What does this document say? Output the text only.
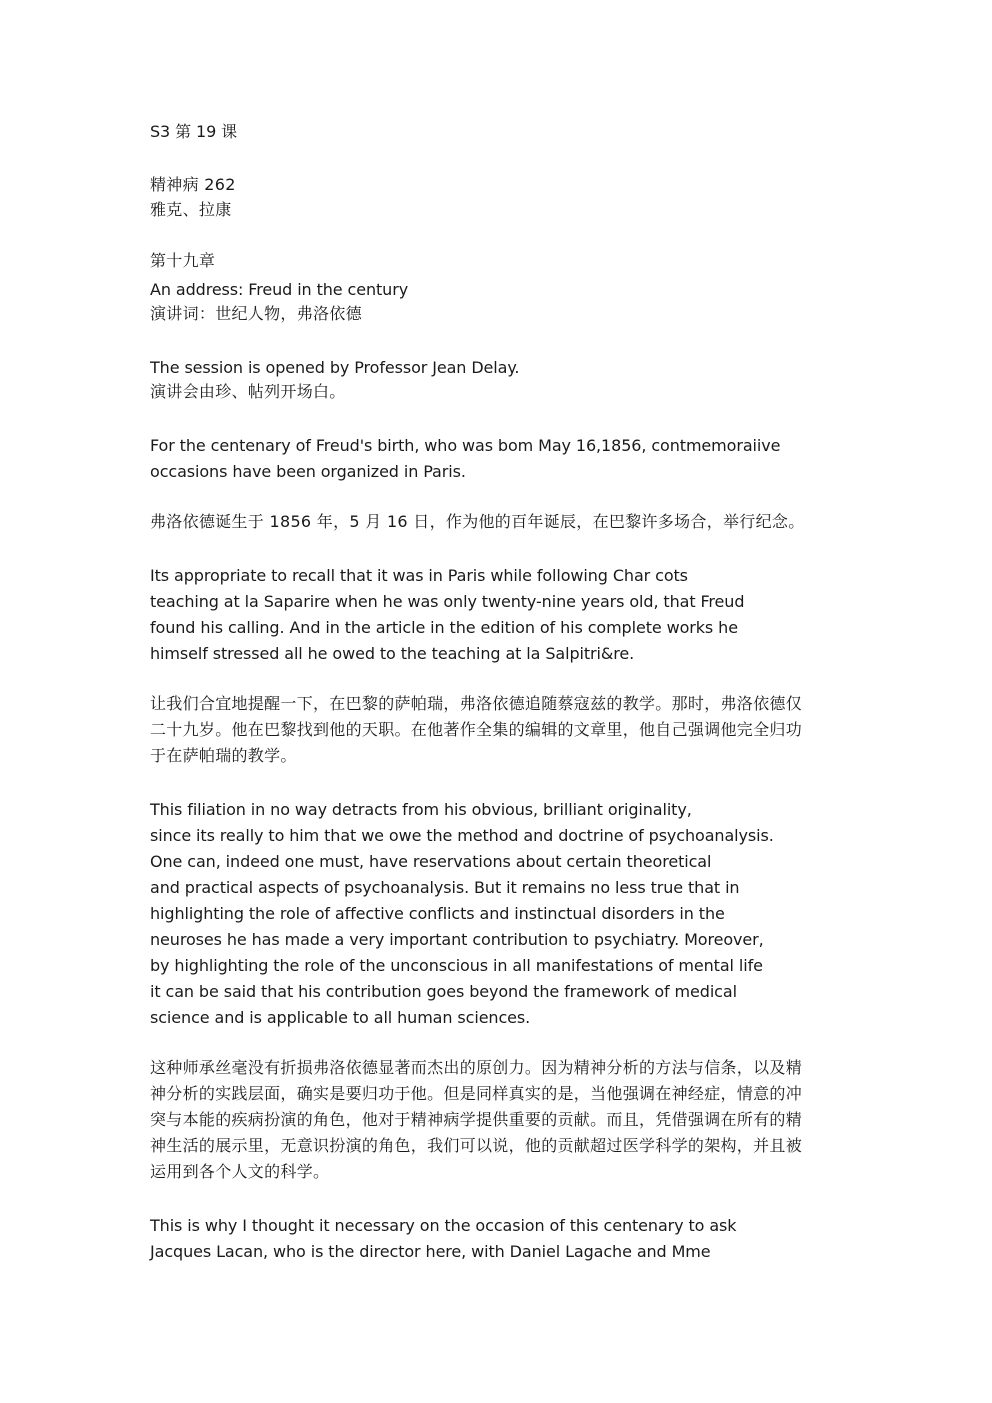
S3 第 19 课
精神病 262
雅克、拉康
第十九章
An address: Freud in the century
演讲词：世纪人物，弗洛依德
The session is opened by Professor Jean Delay.
演讲会由珍、帖列开场白。
For the centenary of Freud's birth, who was bom May 16,1856, contmemoraiive
occasions have been organized in Paris.
弗洛依德诞生于 1856 年，5 月 16 日，作为他的百年诞辰，在巴黎许多场合，举行纪念。
Its appropriate to recall that it was in Paris while following Char cots
teaching at la Saparire when he was only twenty-nine years old, that Freud
found his calling. And in the article in the edition of his complete works he
himself stressed all he owed to the teaching at la Salpitri&re.
让我们合宜地提醒一下，在巴黎的萨帕瑞，弗洛依德追随蔡寇兹的教学。那时，弗洛依德仅
二十九岁。他在巴黎找到他的天职。在他著作全集的编辑的文章里，他自己强调他完全归功
于在萨帕瑞的教学。
This filiation in no way detracts from his obvious, brilliant originality,
since its really to him that we owe the method and doctrine of psychoanalysis.
One can, indeed one must, have reservations about certain theoretical
and practical aspects of psychoanalysis. But it remains no less true that in
highlighting the role of affective conflicts and instinctual disorders in the
neuroses he has made a very important contribution to psychiatry. Moreover,
by highlighting the role of the unconscious in all manifestations of mental life
it can be said that his contribution goes beyond the framework of medical
science and is applicable to all human sciences.
这种师承丝毫没有折损弗洛依德显著而杰出的原创力。因为精神分析的方法与信条，以及精
神分析的实践层面，确实是要归功于他。但是同样真实的是，当他强调在神经症，情意的冲
突与本能的疾病扮演的角色，他对于精神病学提供重要的贡献。而且，凭借强调在所有的精
神生活的展示里，无意识扮演的角色，我们可以说，他的贡献超过医学科学的架构，并且被
运用到各个人文的科学。
This is why I thought it necessary on the occasion of this centenary to ask
Jacques Lacan, who is the director here, with Daniel Lagache and Mme
